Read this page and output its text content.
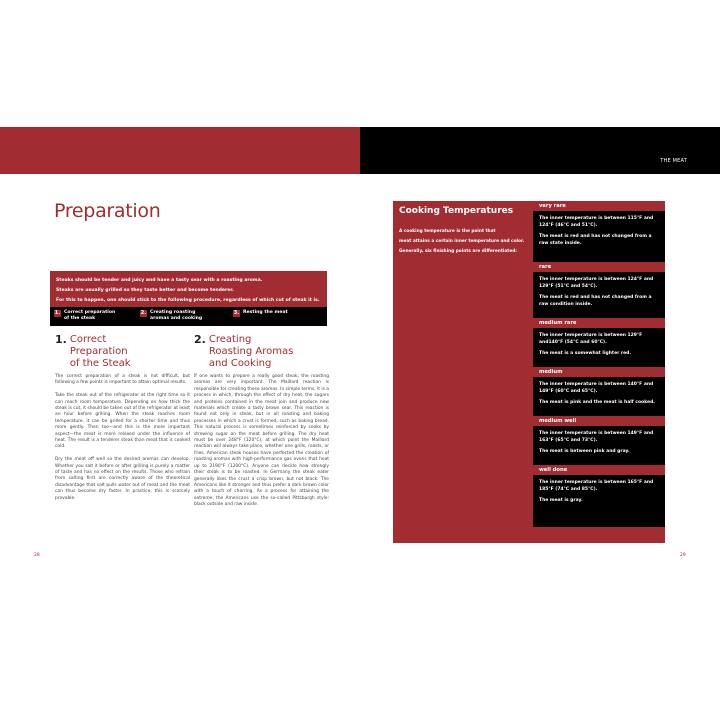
THE MEAT
Preparation

Steaks should be tender and juicy and have a tasty sear with a roasting aroma.

Steaks are usually grilled so they taste better and become tenderer.

For this to happen, one should stick to the following procedure, regardless of which cut of steak it is.

1. Correct preparation of the steak
2. Creating roasting aromas and cooking
3. Resting the meat
1. Correct
Preparation
of the Steak
2. Creating
Roasting Aromas
and Cooking

The correct preparation of a steak is not difficult, but following a few points is important to attain optimal results.

Take the steak out of the refrigerator at the right time so it can reach room temperature. Depending on how thick the steak is cut, it should be taken out of the refrigerator at least an hour before grilling. When the steak reaches room temperature, it can be grilled for a shorter time and thus more gently. Then too—and this is the more important aspect—the meat is more relaxed under the influence of heat. The result is a tenderer steak than meat that is cooked cold.

Dry the meat off well so the desired aromas can develop. Whether you salt it before or after grilling is purely a matter of taste and has no effect on the results. Those who refrain from salting first are correctly aware of the theoretical disadvantage that salt pulls water out of meat and the meat can thus become dry faster. In practice, this is scarcely provable.

If one wants to prepare a really good steak, the roasting aromas are very important. The Maillard reaction is responsible for creating these aromas. In simple terms, it is a process in which, through the effect of dry heat, the sugars and proteins contained in the meat join and produce new materials which create a tasty brown sear. This reaction is found not only in steak, but in all roasting and baking processes in which a crust is formed, such as baking bread. This natural process is sometimes reinforced by cooks by strewing sugar on the meat before grilling. The dry heat must be over 248°F (120°C), at which point the Maillard reaction will always take place, whether one grills, roasts, or fries. American steak houses have perfected the creation of roasting aromas with high-performance gas ovens that heat up to 2190°F (1200°C). Anyone can decide how strongly their steak is to be roasted. In Germany the steak eater generally likes the crust a crisp brown, but not black. The Americans like it stronger and thus prefer a dark brown color with a touch of charring. As a process for attaining the extreme, the Americans use the so-called Pittsburgh style: black outside and raw inside.

28	29
Cooking Temperatures
A cooking temperature is the point that
meat attains a certain inner temperature and color.
Generally, six finishing points are differentiated:
very rare

The inner temperature is between 115°F and 124°F (46°C and 51°C).

The meat is red and has not changed from a raw state inside.

rare

The inner temperature is between 124°F and 129°F (51°C and 54°C).

The meat is red and has not changed from a raw condition inside.

medium rare

The inner temperature is between 129°F and140°F (54°C and 60°C).

The meat is a somewhat lighter red.

medium

The inner temperature is between 140°F and 149°F (60°C and 65°C).

The meat is pink and the meat is half cooked.

medium well

The inner temperature is between 149°F and 163°F (65°C and 73°C).

The meat is between pink and gray.

well done

The inner temperature is between 165°F and 185°F (74°C and 85°C).

The meat is gray.
